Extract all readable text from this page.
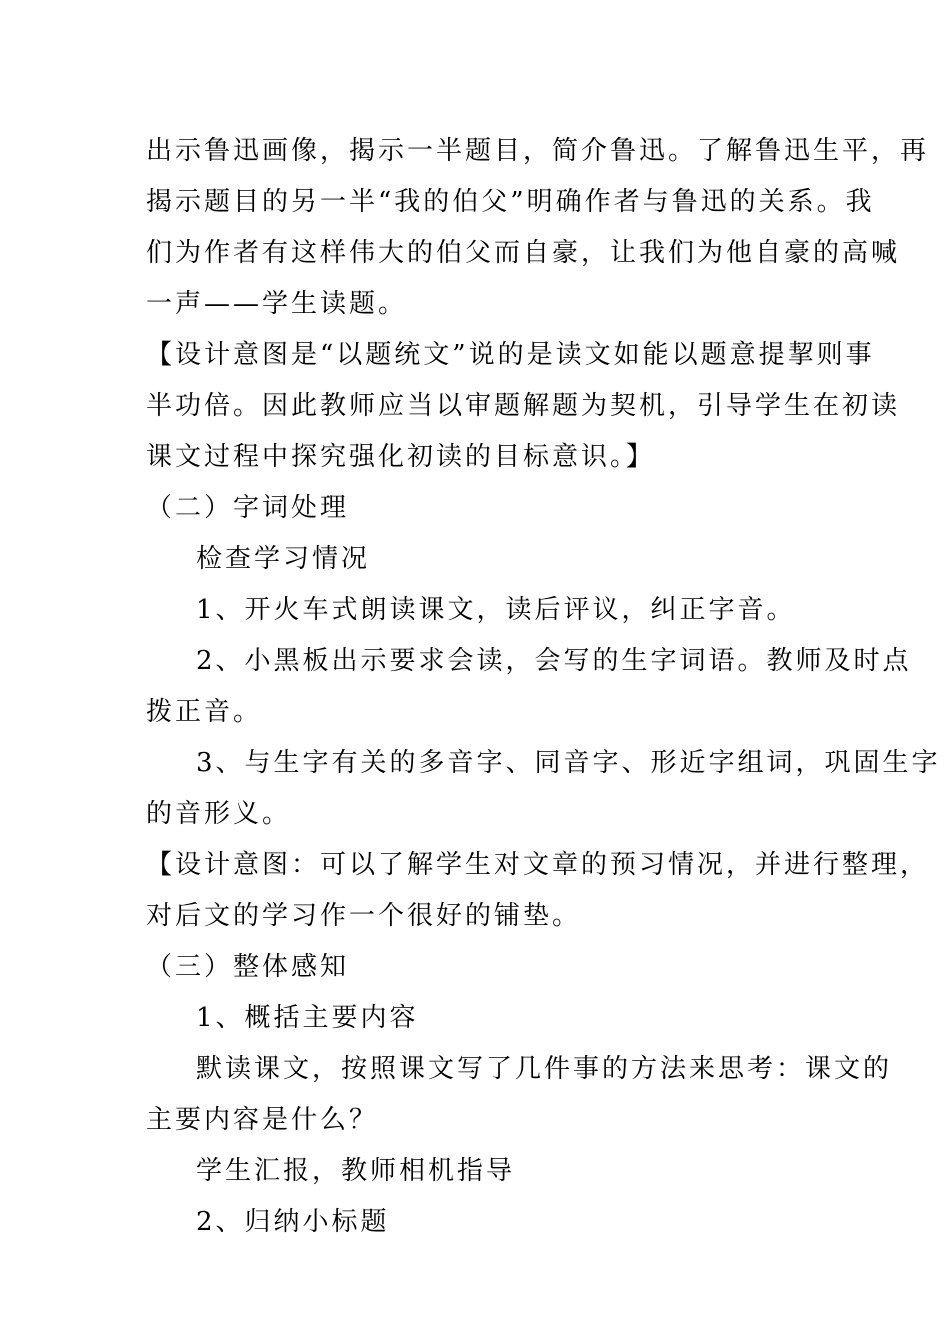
出示鲁迅画像，揭示一半题目，简介鲁迅。了解鲁迅生平，再

揭示题目的另一半“我的伯父”明确作者与鲁迅的关系。我

们为作者有这样伟大的伯父而自豪，让我们为他自豪的高喊

一声——学生读题。

【设计意图是“以题统文”说的是读文如能以题意提挈则事

半功倍。因此教师应当以审题解题为契机，引导学生在初读

课文过程中探究强化初读的目标意识。】

（二）字词处理

检查学习情况

1、开火车式朗读课文，读后评议，纠正字音。

2、小黑板出示要求会读，会写的生字词语。教师及时点

拨正音。

3、与生字有关的多音字、同音字、形近字组词，巩固生字

的音形义。

【设计意图：可以了解学生对文章的预习情况，并进行整理，

对后文的学习作一个很好的铺垫。

（三）整体感知

1、概括主要内容

默读课文，按照课文写了几件事的方法来思考：课文的

主要内容是什么？

学生汇报，教师相机指导

2、归纳小标题
